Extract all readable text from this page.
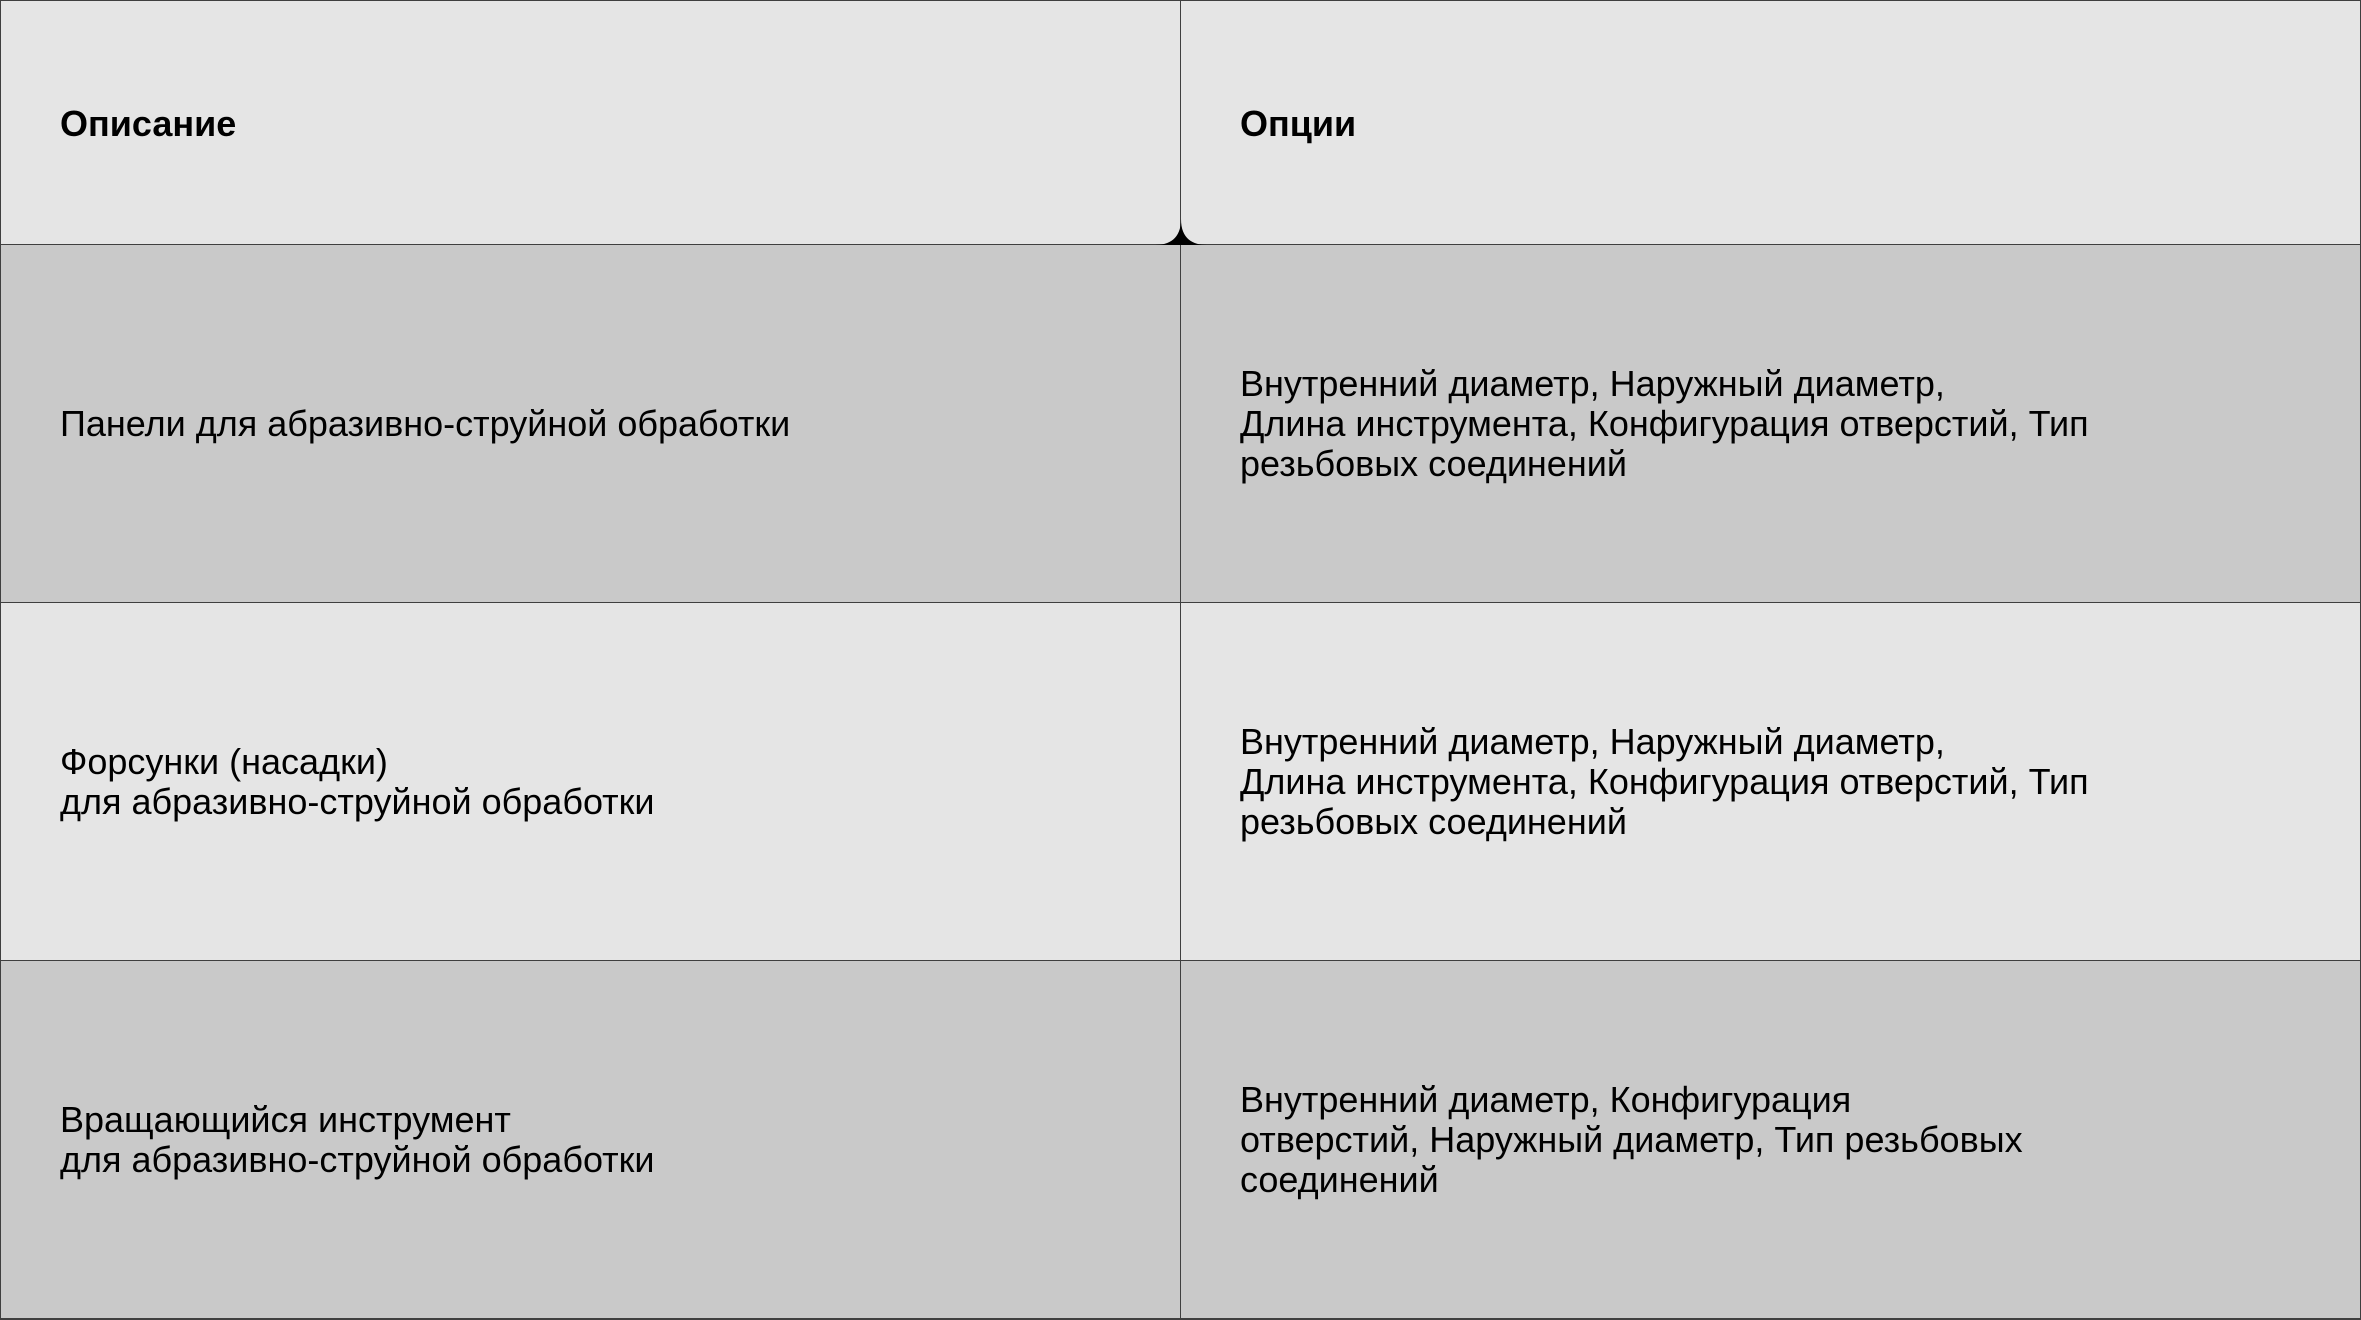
Описание	Опции
Панели для абразивно-струйной обработки
Внутренний диаметр, Наружный диаметр,
Длина инструмента, Конфигурация отверстий, Тип
резьбовых соединений
Форсунки (насадки)
для абразивно-струйной обработки
Внутренний диаметр, Наружный диаметр,
Длина инструмента, Конфигурация отверстий, Тип
резьбовых соединений
Вращающийся инструмент
для абразивно-струйной обработки
Внутренний диаметр, Конфигурация
отверстий, Наружный диаметр, Тип резьбовых
соединений
